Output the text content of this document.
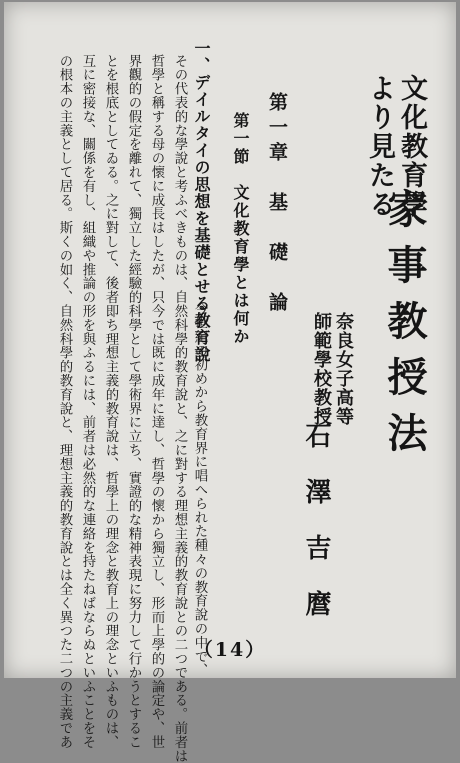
文化教育學
より見たる
家事教授法
奈良女子高等
師範學校教授
石澤吉麿
第一章　基　礎　論
第一節　文化教育學とは何か
一、デイルタイの思想を基礎とせる教育說
今世紀の初めから教育界に唱へられた種々の教育說の中で、
その代表的な學說と考ふべきものは、自然科學的教育說と、之に對する理想主義的教育說との二つである。前者は
哲學と稱する母の懷に成長はしたが、只今では既に成年に達し、哲學の懷から獨立し、形而上學的の論定や、世
界觀的の假定を離れて、獨立した經驗的科學として學術界に立ち、實證的な精神表現に努力して行かうとするこ
とを根底としてゐる。之に對して、後者即ち理想主義的教育說は、哲學上の理念と教育上の理念といふものは、
互に密接な、關係を有し、組織や推論の形を與ふるには、前者は必然的な連絡を持たねばならぬといふことをそ
の根本の主義として居る。斯くの如く、自然科學的教育說と、理想主義的教育說とは全く異つた二つの主義であ	（14）
